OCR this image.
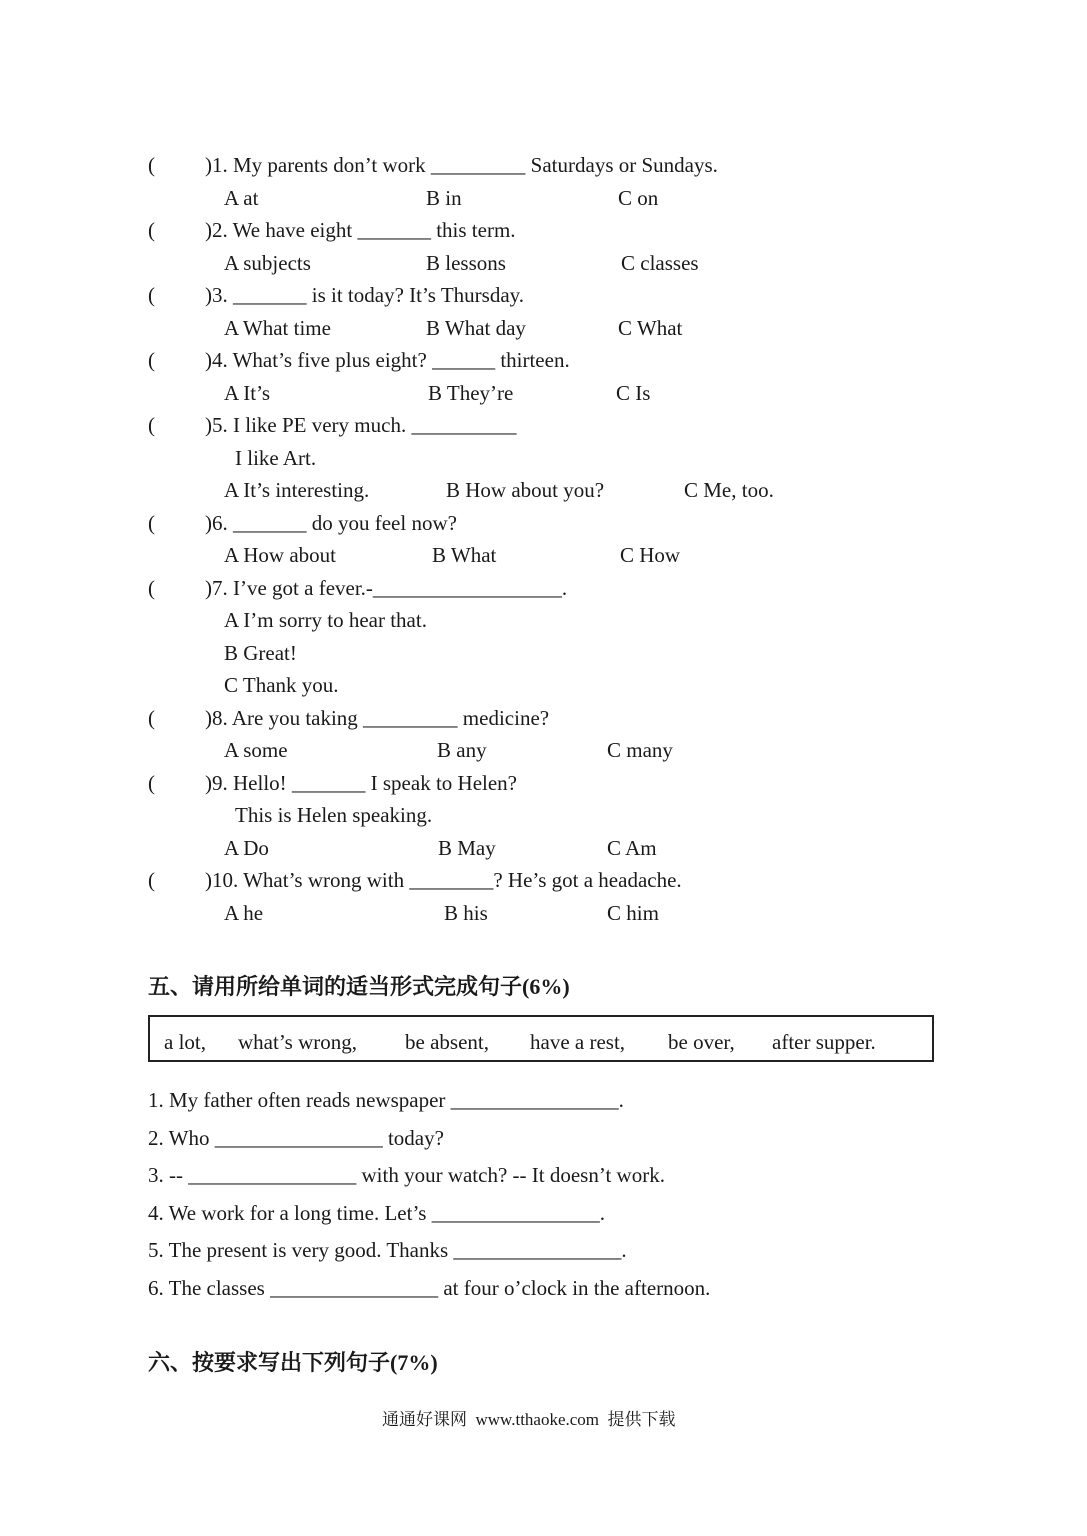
( )1. My parents don’t work _________ Saturdays or Sundays.
A at	B in	C on
( )2. We have eight _______ this term.
A subjects	B lessons	C classes
( )3. _______ is it today? It’s Thursday.
A What time	B What day	C What
( )4. What’s five plus eight? ______ thirteen.
A It’s	B They’re	C Is
( )5. I like PE very much. __________
I like Art.
A It’s interesting.	B How about you?	C Me, too.
( )6. _______ do you feel now?
A How about	B What	C How
( )7. I’ve got a fever.-__________________.
A I’m sorry to hear that.
B Great!
C Thank you.
( )8. Are you taking _________ medicine?
A some	B any	C many
( )9. Hello! _______ I speak to Helen?
This is Helen speaking.
A Do	B May	C Am
( )10. What’s wrong with ________? He’s got a headache.
A he	B his	C him
五、请用所给单词的适当形式完成句子(6%)
a lot, what’s wrong, be absent, have a rest, be over, after supper.
1. My father often reads newspaper ________________.
2. Who ________________ today?
3. -- ________________ with your watch? -- It doesn’t work.
4. We work for a long time. Let’s ________________.
5. The present is very good. Thanks ________________.
6. The classes ________________ at four o’clock in the afternoon.
六、按要求写出下列句子(7%)
通通好课网  www.tthaoke.com  提供下载
